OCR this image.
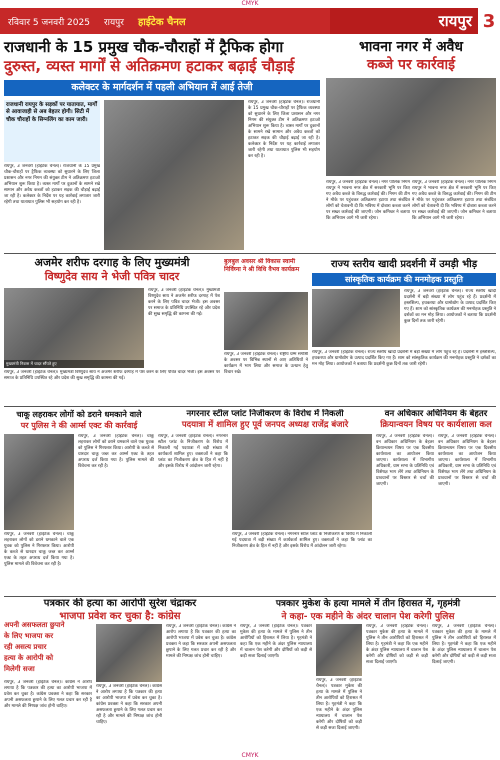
CMYK
रविवार 5 जनवरी 2025 रायपुर हाईटेक चैनल	रायपुर 3
राजधानी के 15 प्रमुख चौक-चौराहों में ट्रैफिक होगा
दुरुस्त, व्यस्त मार्गों से अतिक्रमण हटाकर बढ़ाई चौड़ाई
कलेक्टर के मार्गदर्शन में पहली अभियान में आई तेजी
राजधानी रायपुर के सड़कों पर यातायात, मार्गों से आवाजाही से अब बेहतर होगी। सिटी में चौक चौराहों के सिग्नलिंग का काम जारी।
रायपुर, 3 जनवरी (हाईटेक चैनल)। राजधानी के 15 प्रमुख चौक-चौराहों पर ट्रैफिक व्यवस्था को सुधारने के लिए जिला प्रशासन और नगर निगम की संयुक्त टीम ने अतिक्रमण हटाओ अभियान शुरू किया है। व्यस्त मार्गों पर दुकानों के सामने रखे सामान और अवैध कब्जों को हटाकर सड़क की चौड़ाई बढ़ाई जा रही है। कलेक्टर के निर्देश पर यह कार्रवाई लगातार जारी रहेगी तथा यातायात पुलिस भी सहयोग कर रही है।
रायपुर, 3 जनवरी (हाईटेक चैनल)। राजधानी के 15 प्रमुख चौक-चौराहों पर ट्रैफिक व्यवस्था को सुधारने के लिए जिला प्रशासन और नगर निगम की संयुक्त टीम ने अतिक्रमण हटाओ अभियान शुरू किया है। व्यस्त मार्गों पर दुकानों के सामने रखे सामान और अवैध कब्जों को हटाकर सड़क की चौड़ाई बढ़ाई जा रही है। कलेक्टर के निर्देश पर यह कार्रवाई लगातार जारी रहेगी तथा यातायात पुलिस भी सहयोग कर रही है।
भावना नगर में अवैध
कब्जे पर कार्रवाई
रायपुर, 3 जनवरी (हाईटेक चैनल)। नगर पालिक निगम रायपुर ने भावना नगर क्षेत्र में सरकारी भूमि पर किए गए अवैध कब्जे के विरुद्ध कार्रवाई की। निगम की टीम ने मौके पर पहुंचकर अतिक्रमण हटाया तथा संबंधित लोगों को चेतावनी दी कि भविष्य में दोबारा कब्जा करने पर सख्त कार्रवाई की जाएगी। जोन कमिश्नर ने बताया कि अभियान आगे भी जारी रहेगा।
रायपुर, 3 जनवरी (हाईटेक चैनल)। नगर पालिक निगम रायपुर ने भावना नगर क्षेत्र में सरकारी भूमि पर किए गए अवैध कब्जे के विरुद्ध कार्रवाई की। निगम की टीम ने मौके पर पहुंचकर अतिक्रमण हटाया तथा संबंधित लोगों को चेतावनी दी कि भविष्य में दोबारा कब्जा करने पर सख्त कार्रवाई की जाएगी। जोन कमिश्नर ने बताया कि अभियान आगे भी जारी रहेगा।
अजमेर शरीफ दरगाह के लिए मुख्यमंत्री
विष्णुदेव साय ने भेजी पवित्र चादर
मुख्यमंत्री निवास में चादर सौंपते हुए
रायपुर, 3 जनवरी (हाईटेक चैनल)। मुख्यमंत्री विष्णुदेव साय ने अजमेर शरीफ दरगाह में पेश करने के लिए पवित्र चादर भेजी। इस अवसर पर समाज के प्रतिनिधि उपस्थित रहे और प्रदेश की सुख समृद्धि की कामना की गई।
रायपुर, 3 जनवरी (हाईटेक चैनल)। मुख्यमंत्री विष्णुदेव साय ने अजमेर शरीफ दरगाह में पेश करने के लिए पवित्र चादर भेजी। इस अवसर पर समाज के प्रतिनिधि उपस्थित रहे और प्रदेश की सुख समृद्धि की कामना की गई।
बुलबुल अवसर श्री विकास स्वामी निर्विघ्ना ने श्री विधि वैभव कार्यक्रम
रायपुर, 3 जनवरी (हाईटेक चैनल)। राष्ट्रीय धम्म संगोष्ठी के अवसर पर विभिन्न स्थानों से आए अतिथियों ने कार्यक्रम में भाग लिया और समाज के उत्थान हेतु विचार रखे।
राज्य स्तरीय खादी प्रदर्शनी में उमड़ी भीड़
सांस्कृतिक कार्यक्रम की मनमोहक प्रस्तुति
रायपुर, 3 जनवरी (हाईटेक चैनल)। राज्य स्तरीय खादी प्रदर्शनी में बड़ी संख्या में लोग पहुंच रहे हैं। प्रदर्शनी में हस्तशिल्प, हथकरघा और ग्रामोद्योग के उत्पाद प्रदर्शित किए गए हैं। शाम को सांस्कृतिक कार्यक्रम की मनमोहक प्रस्तुति ने दर्शकों का मन मोह लिया। आयोजकों ने बताया कि प्रदर्शनी कुछ दिनों तक जारी रहेगी।
रायपुर, 3 जनवरी (हाईटेक चैनल)। राज्य स्तरीय खादी प्रदर्शनी में बड़ी संख्या में लोग पहुंच रहे हैं। प्रदर्शनी में हस्तशिल्प, हथकरघा और ग्रामोद्योग के उत्पाद प्रदर्शित किए गए हैं। शाम को सांस्कृतिक कार्यक्रम की मनमोहक प्रस्तुति ने दर्शकों का मन मोह लिया। आयोजकों ने बताया कि प्रदर्शनी कुछ दिनों तक जारी रहेगी।
चाकू लहराकर लोगों को डराने धमकाने वाले
पर पुलिस ने की आर्म्स एक्ट की कार्रवाई
रायपुर, 3 जनवरी (हाईटेक चैनल)। चाकू लहराकर लोगों को डराने धमकाने वाले एक युवक को पुलिस ने गिरफ्तार किया। आरोपी के कब्जे से धारदार चाकू जब्त कर आर्म्स एक्ट के तहत अपराध दर्ज किया गया है। पुलिस मामले की विवेचना कर रही है।
रायपुर, 3 जनवरी (हाईटेक चैनल)। चाकू लहराकर लोगों को डराने धमकाने वाले एक युवक को पुलिस ने गिरफ्तार किया। आरोपी के कब्जे से धारदार चाकू जब्त कर आर्म्स एक्ट के तहत अपराध दर्ज किया गया है। पुलिस मामले की विवेचना कर रही है।
नगरनार स्टील प्लांट निजीकरण के विरोध में निकली
पदयात्रा में शामिल हुए पूर्व जनपद अध्यक्ष राजेंद्र बंजारे
रायपुर, 3 जनवरी (हाईटेक चैनल)। नगरनार स्टील प्लांट के निजीकरण के विरोध में निकाली गई पदयात्रा में बड़ी संख्या में कार्यकर्ता शामिल हुए। वक्ताओं ने कहा कि प्लांट का निजीकरण क्षेत्र के हित में नहीं है और इसके विरोध में आंदोलन जारी रहेगा।
रायपुर, 3 जनवरी (हाईटेक चैनल)। नगरनार स्टील प्लांट के निजीकरण के विरोध में निकाली गई पदयात्रा में बड़ी संख्या में कार्यकर्ता शामिल हुए। वक्ताओं ने कहा कि प्लांट का निजीकरण क्षेत्र के हित में नहीं है और इसके विरोध में आंदोलन जारी रहेगा।
वन अधिकार अधिनियम के बेहतर
क्रियान्वयन विषय पर कार्यशाला कल
रायपुर, 3 जनवरी (हाईटेक चैनल)। वन अधिकार अधिनियम के बेहतर क्रियान्वयन विषय पर एक दिवसीय कार्यशाला का आयोजन किया जाएगा। कार्यशाला में विभागीय अधिकारी, ग्राम सभा के प्रतिनिधि एवं विशेषज्ञ भाग लेंगे तथा अधिनियम के प्रावधानों पर विस्तार से चर्चा की जाएगी।
रायपुर, 3 जनवरी (हाईटेक चैनल)। वन अधिकार अधिनियम के बेहतर क्रियान्वयन विषय पर एक दिवसीय कार्यशाला का आयोजन किया जाएगा। कार्यशाला में विभागीय अधिकारी, ग्राम सभा के प्रतिनिधि एवं विशेषज्ञ भाग लेंगे तथा अधिनियम के प्रावधानों पर विस्तार से चर्चा की जाएगी।
पत्रकार की हत्या का आरोपी सुरेश चंद्राकर
भाजपा प्रवेश कर चुका है: कांग्रेस
अपनी असफलता छुपाने
के लिए भाजपा कर
रही असत्य प्रचार
हत्या के आरोपी को
मिलेगी सजा
रायपुर, 3 जनवरी (हाईटेक चैनल)। कांग्रेस ने आरोप लगाया है कि पत्रकार की हत्या का आरोपी भाजपा में प्रवेश कर चुका है। कांग्रेस प्रवक्ता ने कहा कि सरकार अपनी असफलता छुपाने के लिए गलत प्रचार कर रही है और मामले की निष्पक्ष जांच होनी चाहिए।
रायपुर, 3 जनवरी (हाईटेक चैनल)। कांग्रेस ने आरोप लगाया है कि पत्रकार की हत्या का आरोपी भाजपा में प्रवेश कर चुका है। कांग्रेस प्रवक्ता ने कहा कि सरकार अपनी असफलता छुपाने के लिए गलत प्रचार कर रही है और मामले की निष्पक्ष जांच होनी चाहिए।
रायपुर, 3 जनवरी (हाईटेक चैनल)। कांग्रेस ने आरोप लगाया है कि पत्रकार की हत्या का आरोपी भाजपा में प्रवेश कर चुका है। कांग्रेस प्रवक्ता ने कहा कि सरकार अपनी असफलता छुपाने के लिए गलत प्रचार कर रही है और मामले की निष्पक्ष जांच होनी चाहिए।
पत्रकार मुकेश के हत्या मामले में तीन हिरासत में, गृहमंत्री
ने कहा- एक महीने के अंदर चालान पेश करेगी पुलिस
रायपुर, 3 जनवरी (हाईटेक चैनल)। पत्रकार मुकेश की हत्या के मामले में पुलिस ने तीन आरोपियों को हिरासत में लिया है। गृहमंत्री ने कहा कि एक महीने के अंदर पुलिस न्यायालय में चालान पेश करेगी और दोषियों को कड़ी से कड़ी सजा दिलाई जाएगी।
रायपुर, 3 जनवरी (हाईटेक चैनल)। पत्रकार मुकेश की हत्या के मामले में पुलिस ने तीन आरोपियों को हिरासत में लिया है। गृहमंत्री ने कहा कि एक महीने के अंदर पुलिस न्यायालय में चालान पेश करेगी और दोषियों को कड़ी से कड़ी सजा दिलाई जाएगी।
रायपुर, 3 जनवरी (हाईटेक चैनल)। पत्रकार मुकेश की हत्या के मामले में पुलिस ने तीन आरोपियों को हिरासत में लिया है। गृहमंत्री ने कहा कि एक महीने के अंदर पुलिस न्यायालय में चालान पेश करेगी और दोषियों को कड़ी से कड़ी सजा दिलाई जाएगी।
रायपुर, 3 जनवरी (हाईटेक चैनल)। पत्रकार मुकेश की हत्या के मामले में पुलिस ने तीन आरोपियों को हिरासत में लिया है। गृहमंत्री ने कहा कि एक महीने के अंदर पुलिस न्यायालय में चालान पेश करेगी और दोषियों को कड़ी से कड़ी सजा दिलाई जाएगी।
CMYK
